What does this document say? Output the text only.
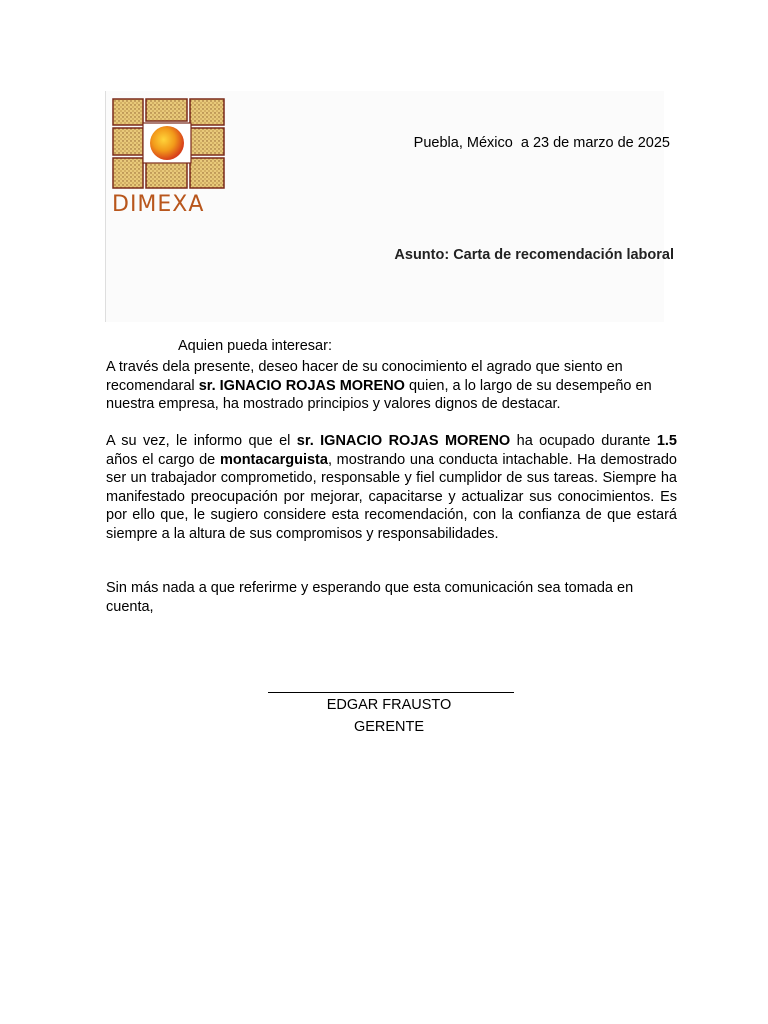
DIMEXA
Puebla, México  a 23 de marzo de 2025
Asunto: Carta de recomendación laboral
Aquien pueda interesar:
A través dela presente, deseo hacer de su conocimiento el agrado que siento en recomendaral sr. IGNACIO ROJAS MORENO quien, a lo largo de su desempeño en nuestra empresa, ha mostrado principios y valores dignos de destacar.
A su vez, le informo que el sr. IGNACIO ROJAS MORENO ha ocupado durante 1.5 años el cargo de montacarguista, mostrando una conducta intachable. Ha demostrado ser un trabajador comprometido, responsable y fiel cumplidor de sus tareas. Siempre ha manifestado preocupación por mejorar, capacitarse y actualizar sus conocimientos. Es por ello que, le sugiero considere esta recomendación, con la confianza de que estará siempre a la altura de sus compromisos y responsabilidades.
Sin más nada a que referirme y esperando que esta comunicación sea tomada en cuenta,
EDGAR FRAUSTO
GERENTE
